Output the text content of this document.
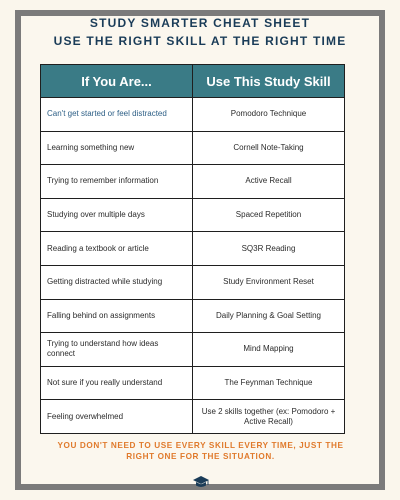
STUDY SMARTER CHEAT SHEET
USE THE RIGHT SKILL AT THE RIGHT TIME
If You Are...	Use This Study Skill
Can't get started or feel distracted	Pomodoro Technique
Learning something new	Cornell Note-Taking
Trying to remember information	Active Recall
Studying over multiple days	Spaced Repetition
Reading a textbook or article	SQ3R Reading
Getting distracted while studying	Study Environment Reset
Falling behind on assignments	Daily Planning & Goal Setting
Trying to understand how ideas connect	Mind Mapping
Not sure if you really understand	The Feynman Technique
Feeling overwhelmed	Use 2 skills together (ex: Pomodoro + Active Recall)
YOU DON'T NEED TO USE EVERY SKILL EVERY TIME, JUST THE
RIGHT ONE FOR THE SITUATION.
